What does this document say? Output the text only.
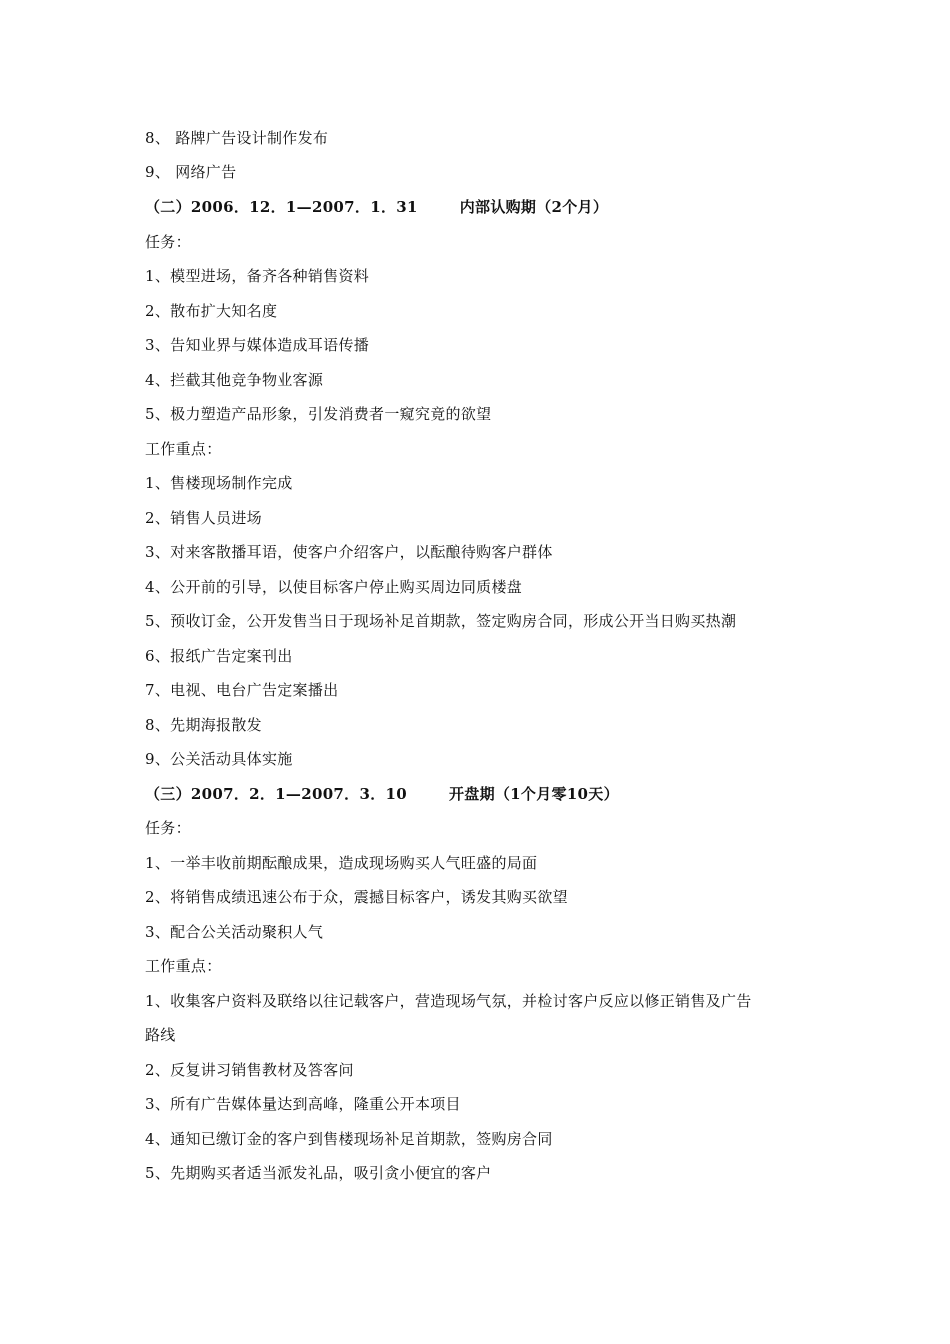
8、 路牌广告设计制作发布
9、 网络广告
（二）2006．12．1—2007．1．31	内部认购期（2个月）
任务：
1、模型进场，备齐各种销售资料
2、散布扩大知名度
3、告知业界与媒体造成耳语传播
4、拦截其他竞争物业客源
5、极力塑造产品形象，引发消费者一窥究竟的欲望
工作重点：
1、售楼现场制作完成
2、销售人员进场
3、对来客散播耳语，使客户介绍客户，以酝酿待购客户群体
4、公开前的引导，以使目标客户停止购买周边同质楼盘
5、预收订金，公开发售当日于现场补足首期款，签定购房合同，形成公开当日购买热潮
6、报纸广告定案刊出
7、电视、电台广告定案播出
8、先期海报散发
9、公关活动具体实施
（三）2007．2．1—2007．3．10	开盘期（1个月零10天）
任务：
1、一举丰收前期酝酿成果，造成现场购买人气旺盛的局面
2、将销售成绩迅速公布于众，震撼目标客户，诱发其购买欲望
3、配合公关活动聚积人气
工作重点：
1、收集客户资料及联络以往记载客户，营造现场气氛，并检讨客户反应以修正销售及广告
路线
2、反复讲习销售教材及答客问
3、所有广告媒体量达到高峰，隆重公开本项目
4、通知已缴订金的客户到售楼现场补足首期款，签购房合同
5、先期购买者适当派发礼品，吸引贪小便宜的客户
